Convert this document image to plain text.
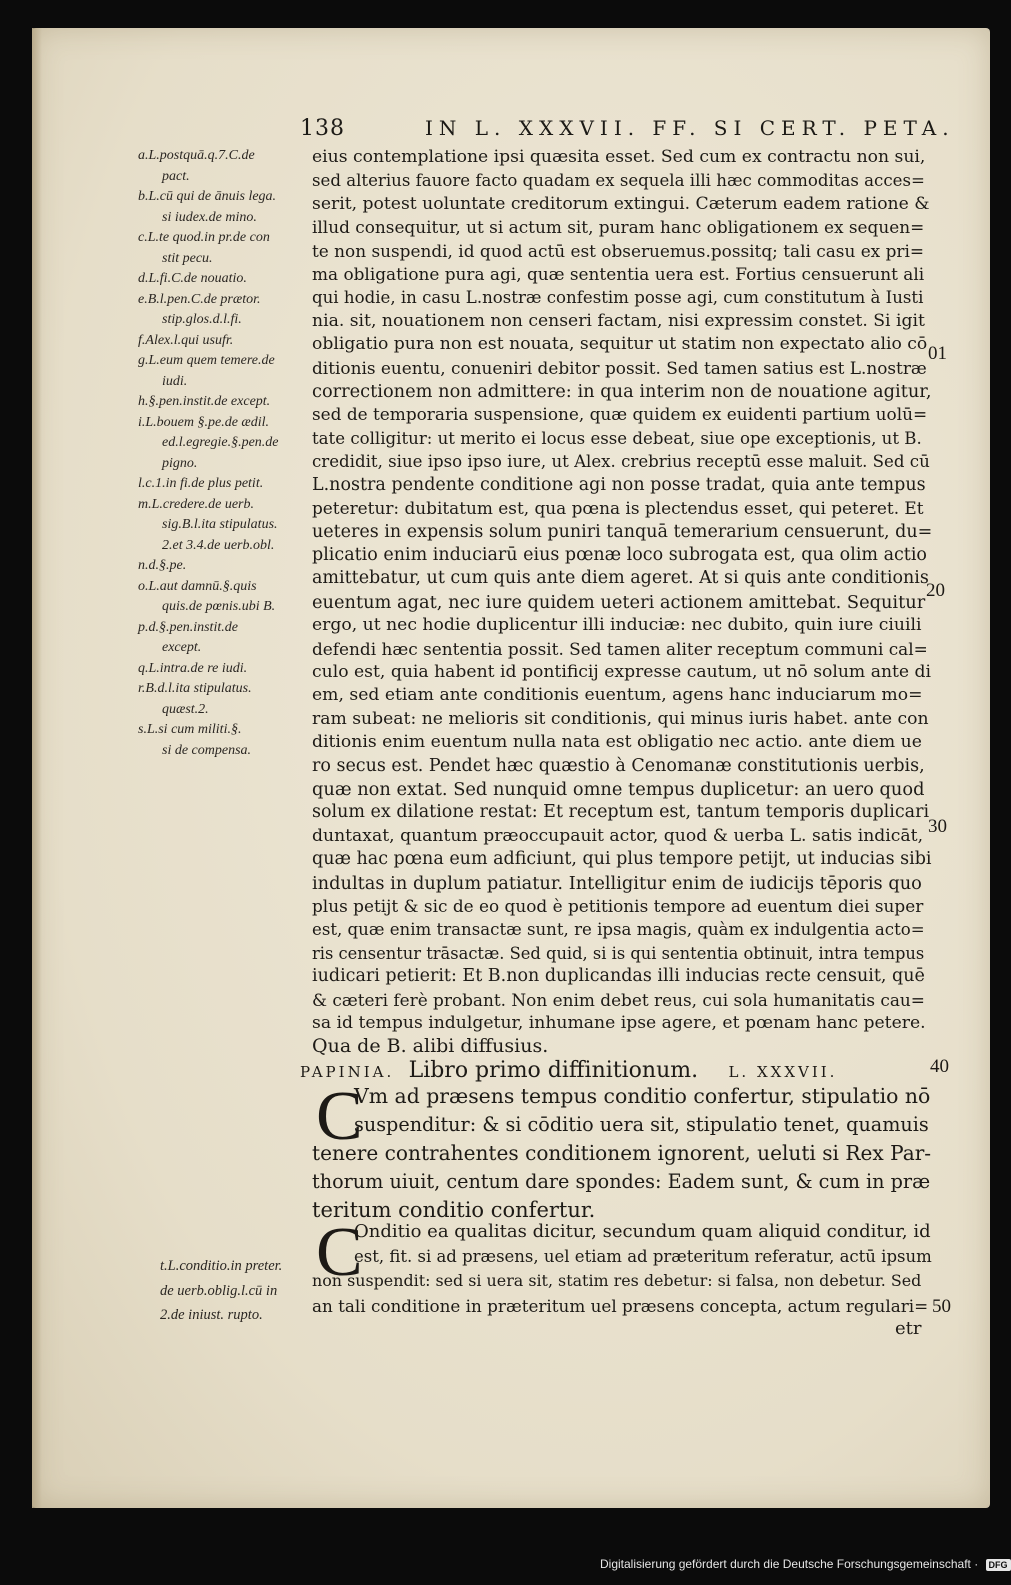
138	IN L. XXXVII. FF. SI CERT. PETA.
a.L.postquā.q.7.C.de
pact.
b.L.cū qui de ānuis lega.
si iudex.de mino.
c.L.te quod.in pr.de con
stit pecu.
d.L.fi.C.de nouatio.
e.B.l.pen.C.de prætor.
stip.glos.d.l.fi.
f.Alex.l.qui usufr.
g.L.eum quem temere.de
iudi.
h.§.pen.instit.de except.
i.L.bouem §.pe.de ædil.
ed.l.egregie.§.pen.de
pigno.
l.c.1.in fi.de plus petit.
m.L.credere.de uerb.
sig.B.l.ita stipulatus.
2.et 3.4.de uerb.obl.
n.d.§.pe.
o.L.aut damnū.§.quis
quis.de pœnis.ubi B.
p.d.§.pen.instit.de
except.
q.L.intra.de re iudi.
r.B.d.l.ita stipulatus.
quæst.2.
s.L.si cum militi.§.
si de compensa.
eius contemplatione ipsi quæsita esset. Sed cum ex contractu non sui,
sed alterius fauore facto quadam ex sequela illi hæc commoditas acces=
serit, potest uoluntate creditorum extingui. Cæterum eadem ratione &
illud consequitur, ut si actum sit, puram hanc obligationem ex sequen=
te non suspendi, id quod actū est obseruemus.possitq; tali casu ex pri=
ma obligatione pura agi, quæ sententia uera est. Fortius censuerunt ali
qui hodie, in casu L.nostræ confestim posse agi, cum constitutum à Iusti
nia. sit, nouationem non censeri factam, nisi expressim constet. Si igit
obligatio pura non est nouata, sequitur ut statim non expectato alio cō
ditionis euentu, conueniri debitor possit. Sed tamen satius est L.nostræ
correctionem non admittere: in qua interim non de nouatione agitur,
sed de temporaria suspensione, quæ quidem ex euidenti partium uolū=
tate colligitur: ut merito ei locus esse debeat, siue ope exceptionis, ut B.
credidit, siue ipso ipso iure, ut Alex. crebrius receptū esse maluit. Sed cū
L.nostra pendente conditione agi non posse tradat, quia ante tempus
peteretur: dubitatum est, qua pœna is plectendus esset, qui peteret. Et
ueteres in expensis solum puniri tanquā temerarium censuerunt, du=
plicatio enim induciarū eius pœnæ loco subrogata est, qua olim actio
amittebatur, ut cum quis ante diem ageret. At si quis ante conditionis
euentum agat, nec iure quidem ueteri actionem amittebat. Sequitur
ergo, ut nec hodie duplicentur illi induciæ: nec dubito, quin iure ciuili
defendi hæc sententia possit. Sed tamen aliter receptum communi cal=
culo est, quia habent id pontificij expresse cautum, ut nō solum ante di
em, sed etiam ante conditionis euentum, agens hanc induciarum mo=
ram subeat: ne melioris sit conditionis, qui minus iuris habet. ante con
ditionis enim euentum nulla nata est obligatio nec actio. ante diem ue
ro secus est. Pendet hæc quæstio à Cenomanæ constitutionis uerbis,
quæ non extat. Sed nunquid omne tempus duplicetur: an uero quod
solum ex dilatione restat: Et receptum est, tantum temporis duplicari
duntaxat, quantum præoccupauit actor, quod & uerba L. satis indicāt,
quæ hac pœna eum adficiunt, qui plus tempore petijt, ut inducias sibi
indultas in duplum patiatur. Intelligitur enim de iudicijs tēporis quo
plus petijt & sic de eo quod è petitionis tempore ad euentum diei super
est, quæ enim transactæ sunt, re ipsa magis, quàm ex indulgentia acto=
ris censentur trāsactæ. Sed quid, si is qui sententia obtinuit, intra tempus
iudicari petierit: Et B.non duplicandas illi inducias recte censuit, quē
& cæteri ferè probant. Non enim debet reus, cui sola humanitatis cau=
sa id tempus indulgetur, inhumane ipse agere, et pœnam hanc petere.
Qua de B. alibi diffusius.
PAPINIA. Libro primo diffinitionum. L. XXXVII.
C
Vm ad præsens tempus conditio confertur, stipulatio nō
suspenditur: & si cōditio uera sit, stipulatio tenet, quamuis
tenere contrahentes conditionem ignorent, ueluti si Rex Par-
thorum uiuit, centum dare spondes: Eadem sunt, & cum in præ
teritum conditio confertur.
C
Onditio ea qualitas dicitur, secundum quam aliquid conditur, id
est, fit. si ad præsens, uel etiam ad præteritum referatur, actū ipsum
non suspendit: sed si uera sit, statim res debetur: si falsa, non debetur. Sed
an tali conditione in præteritum uel præsens concepta, actum regulari=
t.L.conditio.in preter.
de uerb.oblig.l.cū in
2.de iniust. rupto.
01
20
30
40
50
etr
Digitalisierung gefördert durch die Deutsche Forschungsgemeinschaft · DFG
